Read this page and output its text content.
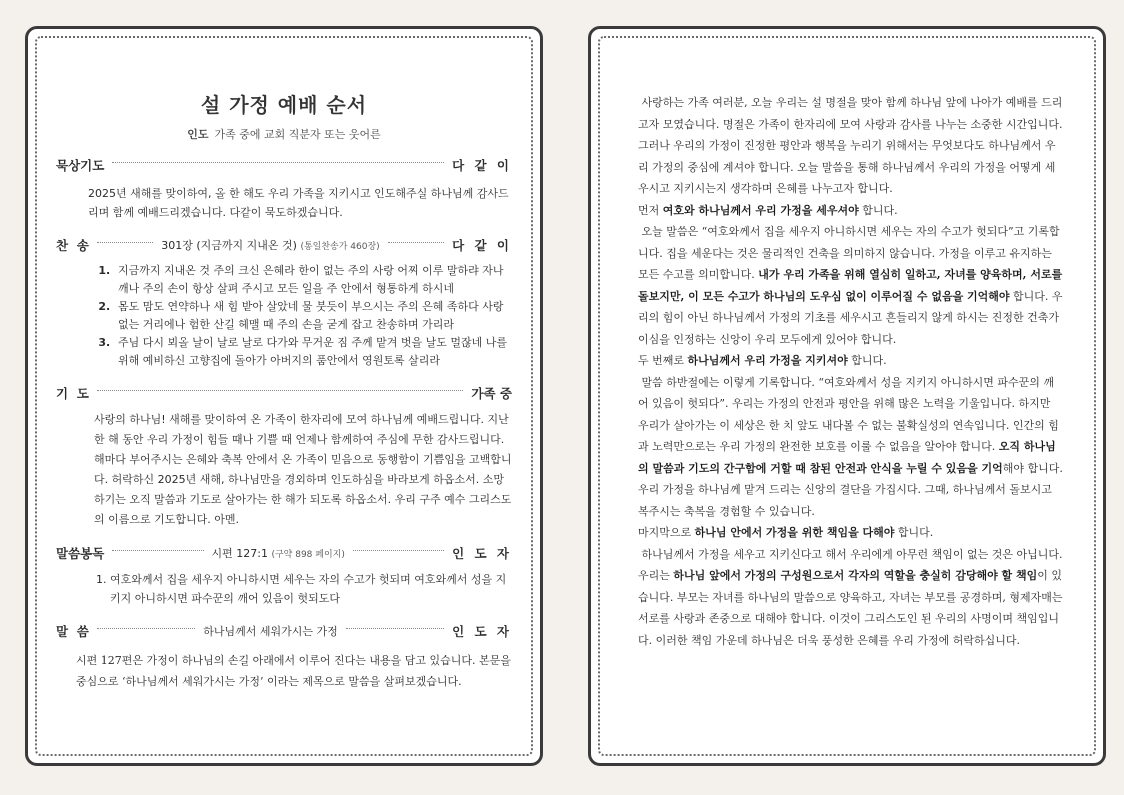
설 가정 예배 순서
인도 가족 중에 교회 직분자 또는 웃어른
묵상기도	다 같 이
2025년 새해를 맞이하여, 올 한 해도 우리 가족을 지키시고 인도해주실 하나님께 감사드리며 함께 예배드리겠습니다. 다같이 묵도하겠습니다.
찬  송	301장 (지금까지 지내온 것) (통일찬송가 460장)	다 같 이
1. 지금까지 지내온 것 주의 크신 은혜라 한이 없는 주의 사랑 어찌 이루 말하랴 자나 깨나 주의 손이 항상 살펴 주시고 모든 일을 주 안에서 형통하게 하시네
2. 몸도 맘도 연약하나 새 힘 받아 살았네 물 붓듯이 부으시는 주의 은혜 족하다 사랑 없는 거리에나 험한 산길 헤맬 때 주의 손을 굳게 잡고 찬송하며 가리라
3. 주님 다시 뵈올 날이 날로 날로 다가와 무거운 짐 주께 맡겨 벗을 날도 멀잖네 나를 위해 예비하신 고향집에 돌아가 아버지의 품안에서 영원토록 살리라
기  도	가족 중
사랑의 하나님! 새해를 맞이하여 온 가족이 한자리에 모여 하나님께 예배드립니다. 지난 한 해 동안 우리 가정이 힘들 때나 기쁠 때 언제나 함께하여 주심에 무한 감사드립니다. 해마다 부어주시는 은혜와 축복 안에서 온 가족이 믿음으로 동행함이 기쁨임을 고백합니다. 허락하신 2025년 새해, 하나님만을 경외하며 인도하심을 바라보게 하옵소서. 소망하기는 오직 말씀과 기도로 살아가는 한 해가 되도록 하옵소서. 우리 구주 예수 그리스도의 이름으로 기도합니다. 아멘.
말씀봉독	시편 127:1 (구약 898 페이지)	인 도 자
1. 여호와께서 집을 세우지 아니하시면 세우는 자의 수고가 헛되며 여호와께서 성을 지키지 아니하시면 파수꾼의 깨어 있음이 헛되도다
말  씀	하나님께서 세워가시는 가정	인 도 자
시편 127편은 가정이 하나님의 손길 아래에서 이루어 진다는 내용을 담고 있습니다. 본문을 중심으로 ‘하나님께서 세워가시는 가정’ 이라는 제목으로 말씀을 살펴보겠습니다.

사랑하는 가족 여러분, 오늘 우리는 설 명절을 맞아 함께 하나님 앞에 나아가 예배를 드리고자 모였습니다. 명절은 가족이 한자리에 모여 사랑과 감사를 나누는 소중한 시간입니다. 그러나 우리의 가정이 진정한 평안과 행복을 누리기 위해서는 무엇보다도 하나님께서 우리 가정의 중심에 계셔야 합니다. 오늘 말씀을 통해 하나님께서 우리의 가정을 어떻게 세우시고 지키시는지 생각하며 은혜를 나누고자 합니다.

먼저 여호와 하나님께서 우리 가정을 세우셔야 합니다.

오늘 말씀은 “여호와께서 집을 세우지 아니하시면 세우는 자의 수고가 헛되다”고 기록합니다. 집을 세운다는 것은 물리적인 건축을 의미하지 않습니다. 가정을 이루고 유지하는 모든 수고를 의미합니다. 내가 우리 가족을 위해 열심히 일하고, 자녀를 양육하며, 서로를 돌보지만, 이 모든 수고가 하나님의 도우심 없이 이루어질 수 없음을 기억해야 합니다. 우리의 힘이 아닌 하나님께서 가정의 기초를 세우시고 흔들리지 않게 하시는 진정한 건축가이심을 인정하는 신앙이 우리 모두에게 있어야 합니다.

두 번째로 하나님께서 우리 가정을 지키셔야 합니다.

말씀 하반절에는 이렇게 기록합니다. “여호와께서 성을 지키지 아니하시면 파수꾼의 깨어 있음이 헛되다”. 우리는 가정의 안전과 평안을 위해 많은 노력을 기울입니다. 하지만 우리가 살아가는 이 세상은 한 치 앞도 내다볼 수 없는 불확실성의 연속입니다. 인간의 힘과 노력만으로는 우리 가정의 완전한 보호를 이룰 수 없음을 알아야 합니다. 오직 하나님의 말씀과 기도의 간구함에 거할 때 참된 안전과 안식을 누릴 수 있음을 기억해야 합니다. 우리 가정을 하나님께 맡겨 드리는 신앙의 결단을 가집시다. 그때, 하나님께서 돌보시고 복주시는 축복을 경험할 수 있습니다.

마지막으로 하나님 안에서 가정을 위한 책임을 다해야 합니다.

하나님께서 가정을 세우고 지키신다고 해서 우리에게 아무런 책임이 없는 것은 아닙니다. 우리는 하나님 앞에서 가정의 구성원으로서 각자의 역할을 충실히 감당해야 할 책임이 있습니다. 부모는 자녀를 하나님의 말씀으로 양육하고, 자녀는 부모를 공경하며, 형제자매는 서로를 사랑과 존중으로 대해야 합니다. 이것이 그리스도인 된 우리의 사명이며 책임입니다. 이러한 책임 가운데 하나님은 더욱 풍성한 은혜를 우리 가정에 허락하십니다.
